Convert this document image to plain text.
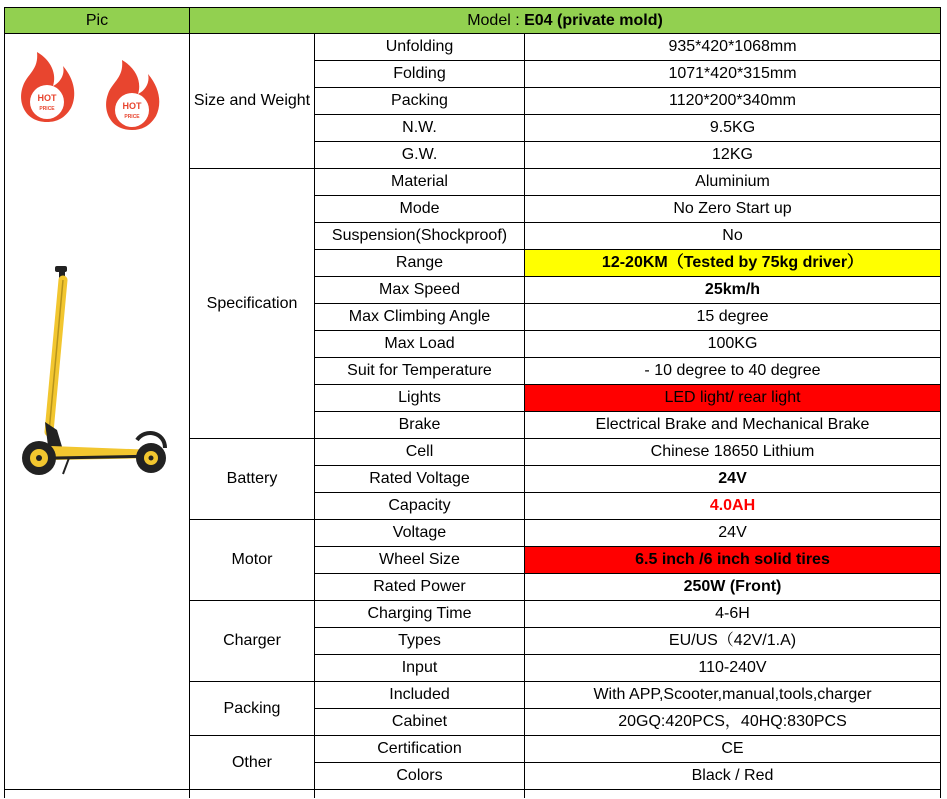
Pic	Model : E04 (private mold)		

HOT
PRICE HOT
PRICE	Size and Weight	Unfolding	935*420*1068mm
		Folding	1071*420*315mm
		Packing	1120*200*340mm
		N.W.	9.5KG
		G.W.	12KG
	Specification	Material	Aluminium
		Mode	No Zero Start up
		Suspension(Shockproof)	No
		Range	12-20KM（Tested by 75kg driver）
		Max Speed	25km/h
		Max Climbing Angle	15 degree
		Max Load	100KG
		Suit for Temperature	- 10 degree to 40 degree
		Lights	LED light/ rear light
		Brake	Electrical Brake and Mechanical Brake
	Battery	Cell	Chinese 18650 Lithium
		Rated Voltage	24V
		Capacity	4.0AH
	Motor	Voltage	24V
		Wheel Size	6.5 inch /6 inch solid tires
		Rated Power	250W (Front)
	Charger	Charging Time	4-6H
		Types	EU/US（42V/1.A)
		Input	110-240V
	Packing	Included	With APP,Scooter,manual,tools,charger
		Cabinet	20GQ:420PCS，40HQ:830PCS
	Other	Certification	CE
		Colors	Black / Red
